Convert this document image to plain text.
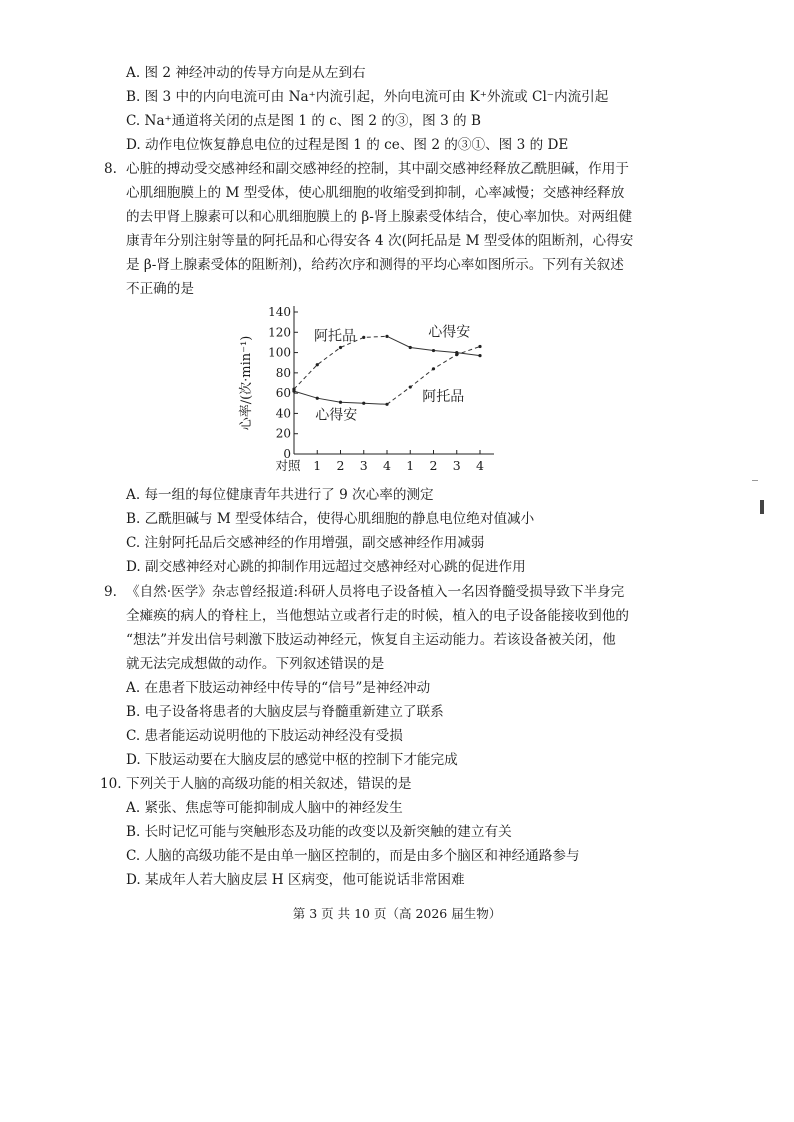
A. 图 2 神经冲动的传导方向是从左到右
B. 图 3 中的内向电流可由 Na⁺内流引起，外向电流可由 K⁺外流或 Cl⁻内流引起
C. Na⁺通道将关闭的点是图 1 的 c、图 2 的③，图 3 的 B
D. 动作电位恢复静息电位的过程是图 1 的 ce、图 2 的③①、图 3 的 DE
8. 心脏的搏动受交感神经和副交感神经的控制，其中副交感神经释放乙酰胆碱，作用于
心肌细胞膜上的 M 型受体，使心肌细胞的收缩受到抑制，心率减慢；交感神经释放
的去甲肾上腺素可以和心肌细胞膜上的 β-肾上腺素受体结合，使心率加快。对两组健
康青年分别注射等量的阿托品和心得安各 4 次(阿托品是 M 型受体的阻断剂，心得安
是 β-肾上腺素受体的阻断剂)，给药次序和测得的平均心率如图所示。下列有关叙述
不正确的是
0
20
40
60
80
100
120
140
对照 1 2 3 4 1 2 3 4
心率/(次·min⁻¹)	阿托品	心得安
心得安
阿托品
A. 每一组的每位健康青年共进行了 9 次心率的测定
B. 乙酰胆碱与 M 型受体结合，使得心肌细胞的静息电位绝对值减小
C. 注射阿托品后交感神经的作用增强，副交感神经作用减弱
D. 副交感神经对心跳的抑制作用远超过交感神经对心跳的促进作用
9. 《自然·医学》杂志曾经报道:科研人员将电子设备植入一名因脊髓受损导致下半身完
全瘫痪的病人的脊柱上，当他想站立或者行走的时候，植入的电子设备能接收到他的
“想法”并发出信号刺激下肢运动神经元，恢复自主运动能力。若该设备被关闭，他
就无法完成想做的动作。下列叙述错误的是
A. 在患者下肢运动神经中传导的“信号”是神经冲动
B. 电子设备将患者的大脑皮层与脊髓重新建立了联系
C. 患者能运动说明他的下肢运动神经没有受损
D. 下肢运动要在大脑皮层的感觉中枢的控制下才能完成
10. 下列关于人脑的高级功能的相关叙述，错误的是
A. 紧张、焦虑等可能抑制成人脑中的神经发生
B. 长时记忆可能与突触形态及功能的改变以及新突触的建立有关
C. 人脑的高级功能不是由单一脑区控制的，而是由多个脑区和神经通路参与
D. 某成年人若大脑皮层 H 区病变，他可能说话非常困难
第 3 页 共 10 页（高 2026 届生物）
